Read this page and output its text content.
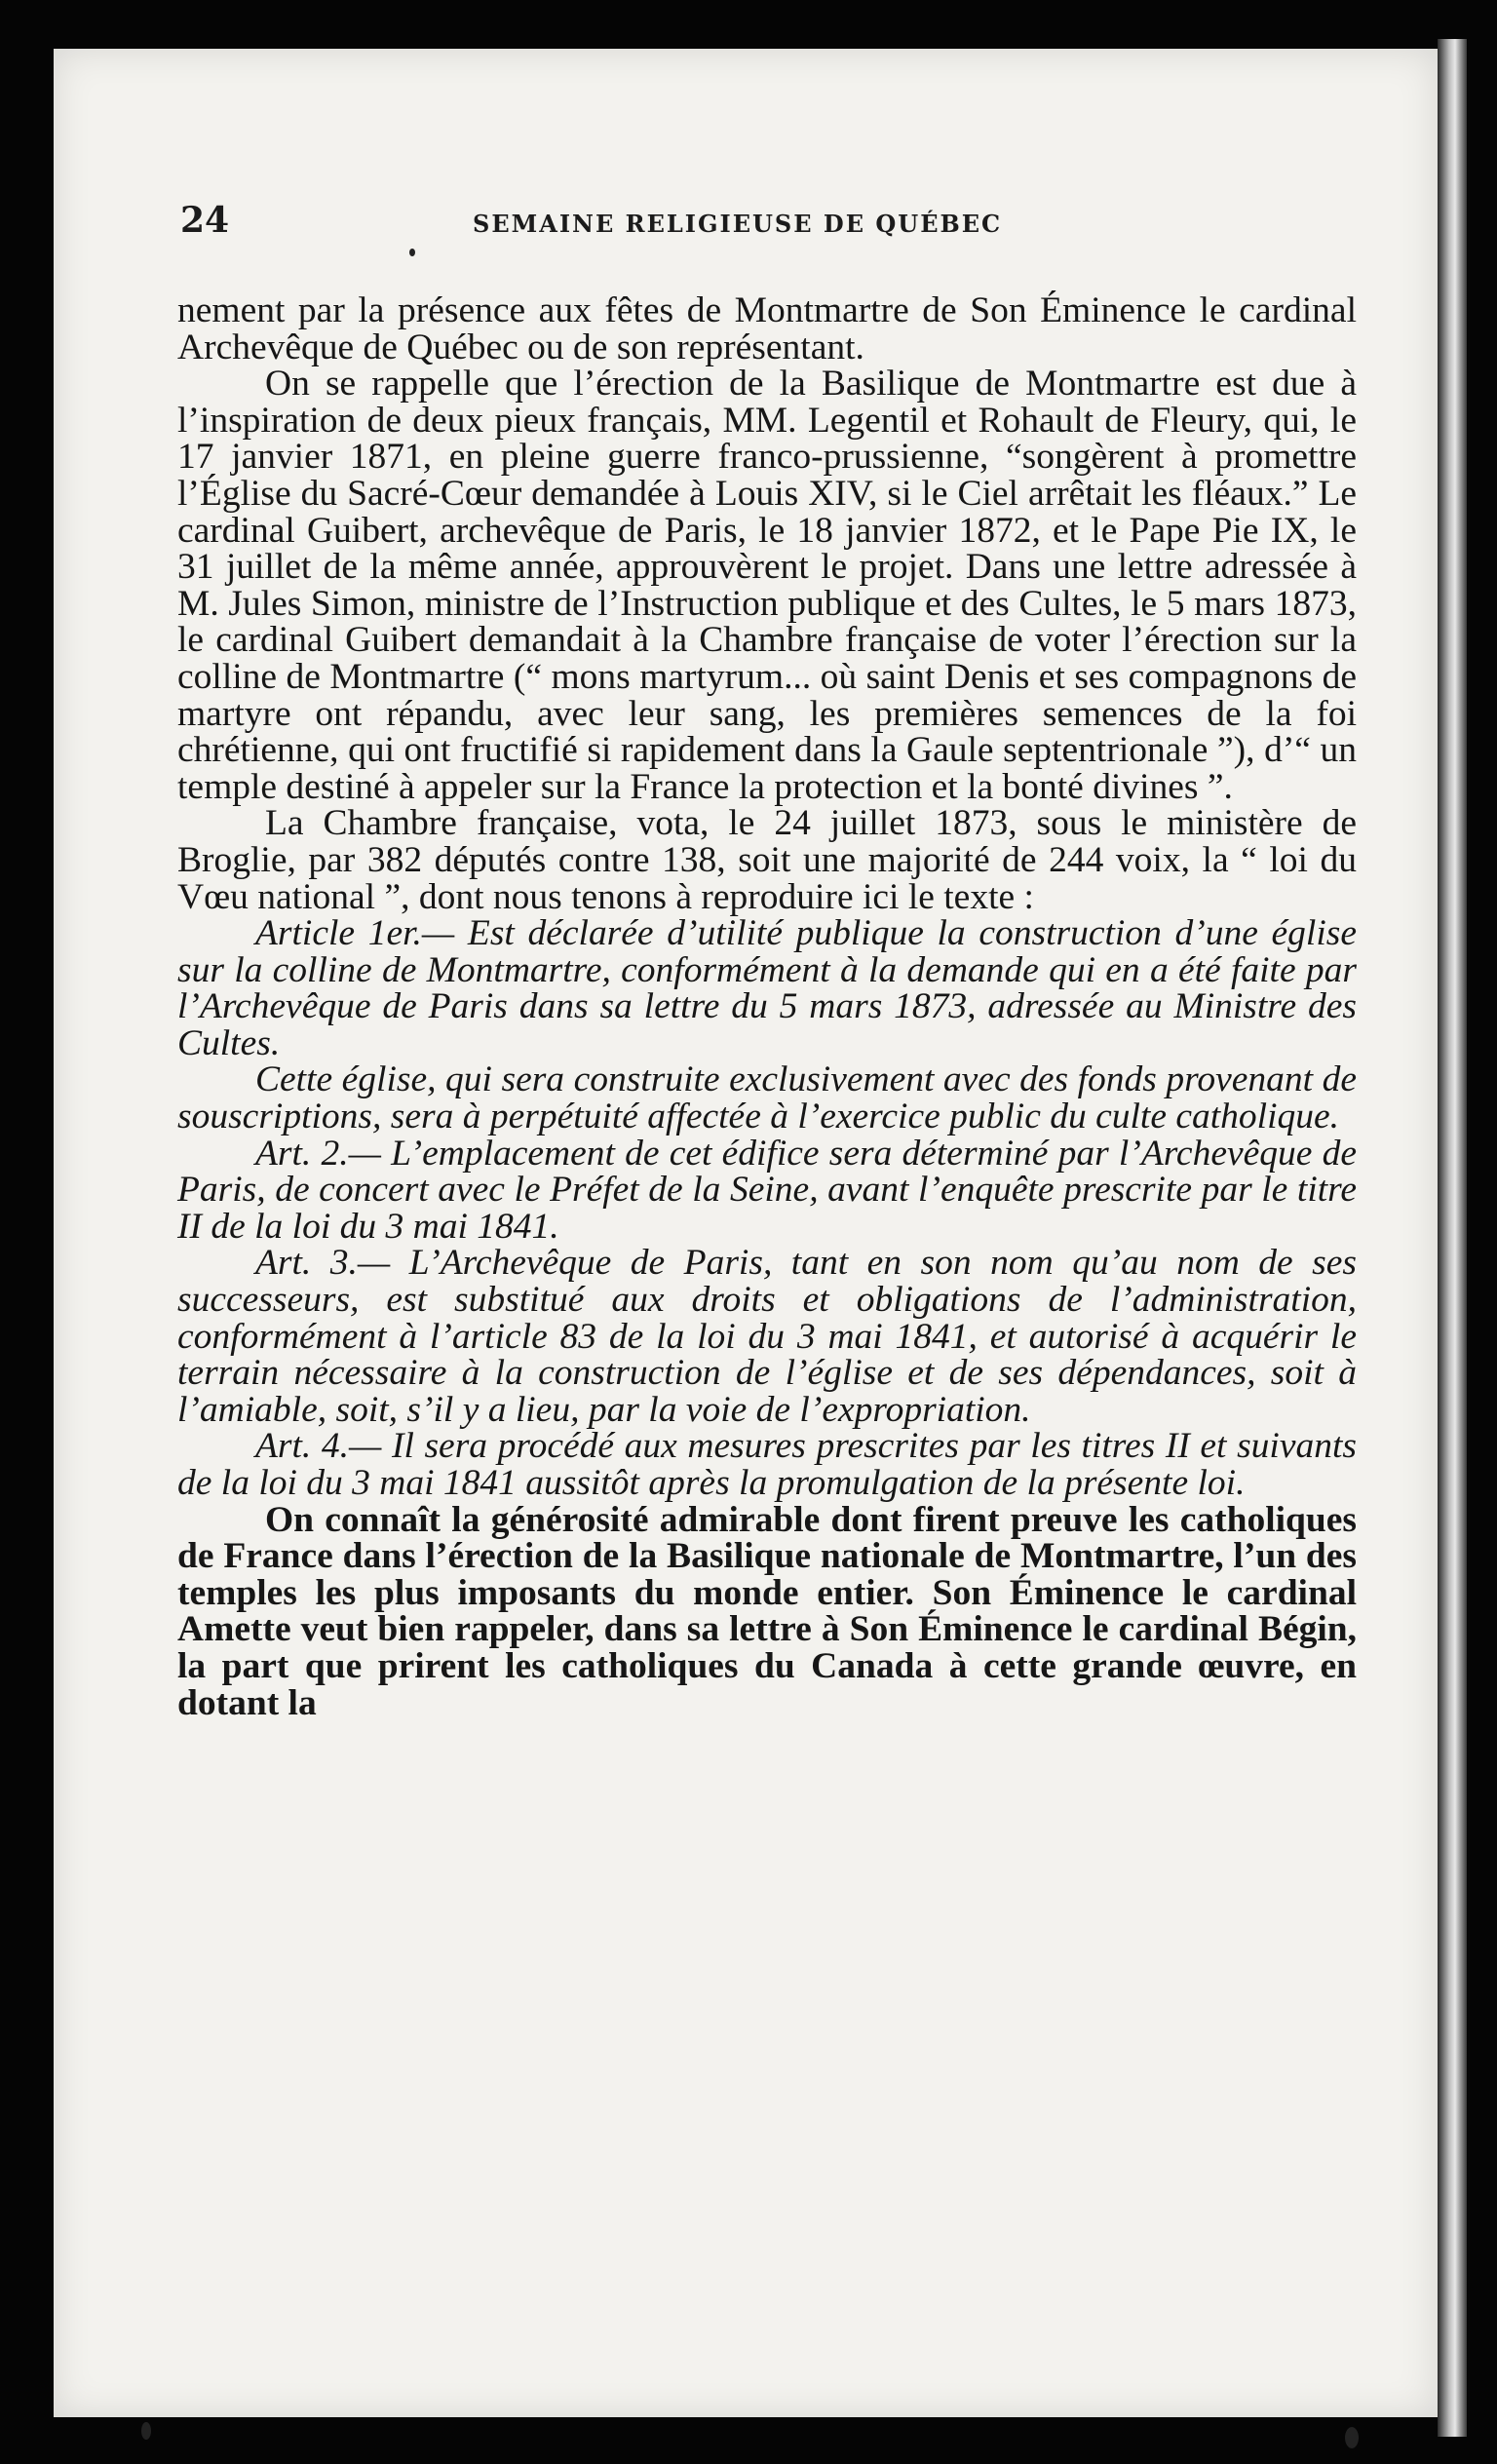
24	SEMAINE RELIGIEUSE DE QUÉBEC

nement par la présence aux fêtes de Montmartre de Son Éminence le cardinal Archevêque de Québec ou de son représentant.

On se rappelle que l’érection de la Basilique de Montmartre est due à l’inspiration de deux pieux français, MM. Legentil et Rohault de Fleury, qui, le 17 janvier 1871, en pleine guerre franco-prussienne, “songèrent à promettre l’Église du Sacré-Cœur demandée à Louis XIV, si le Ciel arrêtait les fléaux.” Le cardinal Guibert, archevêque de Paris, le 18 janvier 1872, et le Pape Pie IX, le 31 juillet de la même année, approuvèrent le projet. Dans une lettre adressée à M. Jules Simon, ministre de l’Instruction publique et des Cultes, le 5 mars 1873, le cardinal Guibert demandait à la Chambre française de voter l’érection sur la colline de Montmartre (“ mons martyrum... où saint Denis et ses compagnons de martyre ont répandu, avec leur sang, les premières semences de la foi chrétienne, qui ont fructifié si rapidement dans la Gaule septentrionale ”), d’“ un temple destiné à appeler sur la France la protection et la bonté divines ”.

La Chambre française, vota, le 24 juillet 1873, sous le ministère de Broglie, par 382 députés contre 138, soit une majorité de 244 voix, la “ loi du Vœu national ”, dont nous tenons à reproduire ici le texte :

Article 1er.— Est déclarée d’utilité publique la construction d’une église sur la colline de Montmartre, conformément à la demande qui en a été faite par l’Archevêque de Paris dans sa lettre du 5 mars 1873, adressée au Ministre des Cultes.

Cette église, qui sera construite exclusivement avec des fonds provenant de souscriptions, sera à perpétuité affectée à l’exercice public du culte catholique.

Art. 2.— L’emplacement de cet édifice sera déterminé par l’Archevêque de Paris, de concert avec le Préfet de la Seine, avant l’enquête prescrite par le titre II de la loi du 3 mai 1841.

Art. 3.— L’Archevêque de Paris, tant en son nom qu’au nom de ses successeurs, est substitué aux droits et obligations de l’administration, conformément à l’article 83 de la loi du 3 mai 1841, et autorisé à acquérir le terrain nécessaire à la construction de l’église et de ses dépendances, soit à l’amiable, soit, s’il y a lieu, par la voie de l’expropriation.

Art. 4.— Il sera procédé aux mesures prescrites par les titres II et suivants de la loi du 3 mai 1841 aussitôt après la promulgation de la présente loi.

On connaît la générosité admirable dont firent preuve les catholiques de France dans l’érection de la Basilique nationale de Montmartre, l’un des temples les plus imposants du monde entier. Son Éminence le cardinal Amette veut bien rappeler, dans sa lettre à Son Éminence le cardinal Bégin, la part que prirent les catholiques du Canada à cette grande œuvre, en dotant la
